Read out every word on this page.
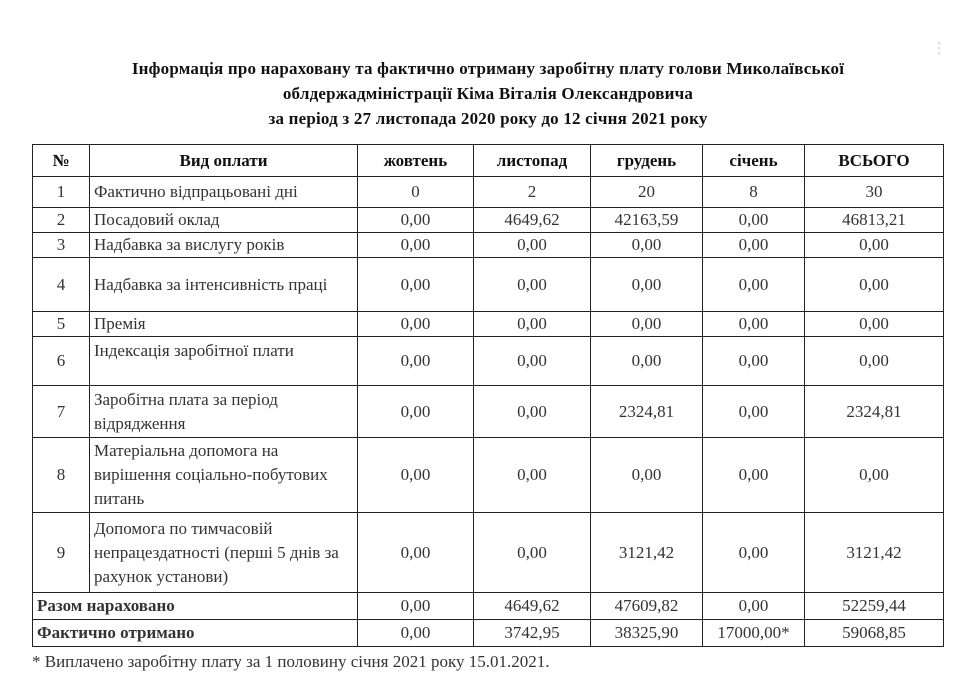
⁝
Інформація про нараховану та фактично отриману заробітну плату голови Миколаївської
облдержадміністрації Кіма Віталія Олександровича
за період з 27 листопада 2020 року до 12 січня 2021 року
№	Вид оплати	жовтень	листопад	грудень	січень	ВСЬОГО
1	Фактично відпрацьовані дні	0	2	20	8	30
2	Посадовий оклад	0,00	4649,62	42163,59	0,00	46813,21
3	Надбавка за вислугу років	0,00	0,00	0,00	0,00	0,00
4	Надбавка за інтенсивність праці	0,00	0,00	0,00	0,00	0,00
5	Премія	0,00	0,00	0,00	0,00	0,00
6	Індексація заробітної плати	0,00	0,00	0,00	0,00	0,00
7	Заробітна плата за період відрядження	0,00	0,00	2324,81	0,00	2324,81
8	Матеріальна допомога на вирішення соціально-побутових питань	0,00	0,00	0,00	0,00	0,00
9	Допомога по тимчасовій непрацездатності (перші 5 днів за рахунок установи)	0,00	0,00	3121,42	0,00	3121,42
Разом нараховано		0,00	4649,62	47609,82	0,00	52259,44
Фактично отримано		0,00	3742,95	38325,90	17000,00*	59068,85
* Виплачено заробітну плату за 1 половину січня 2021 року 15.01.2021.
